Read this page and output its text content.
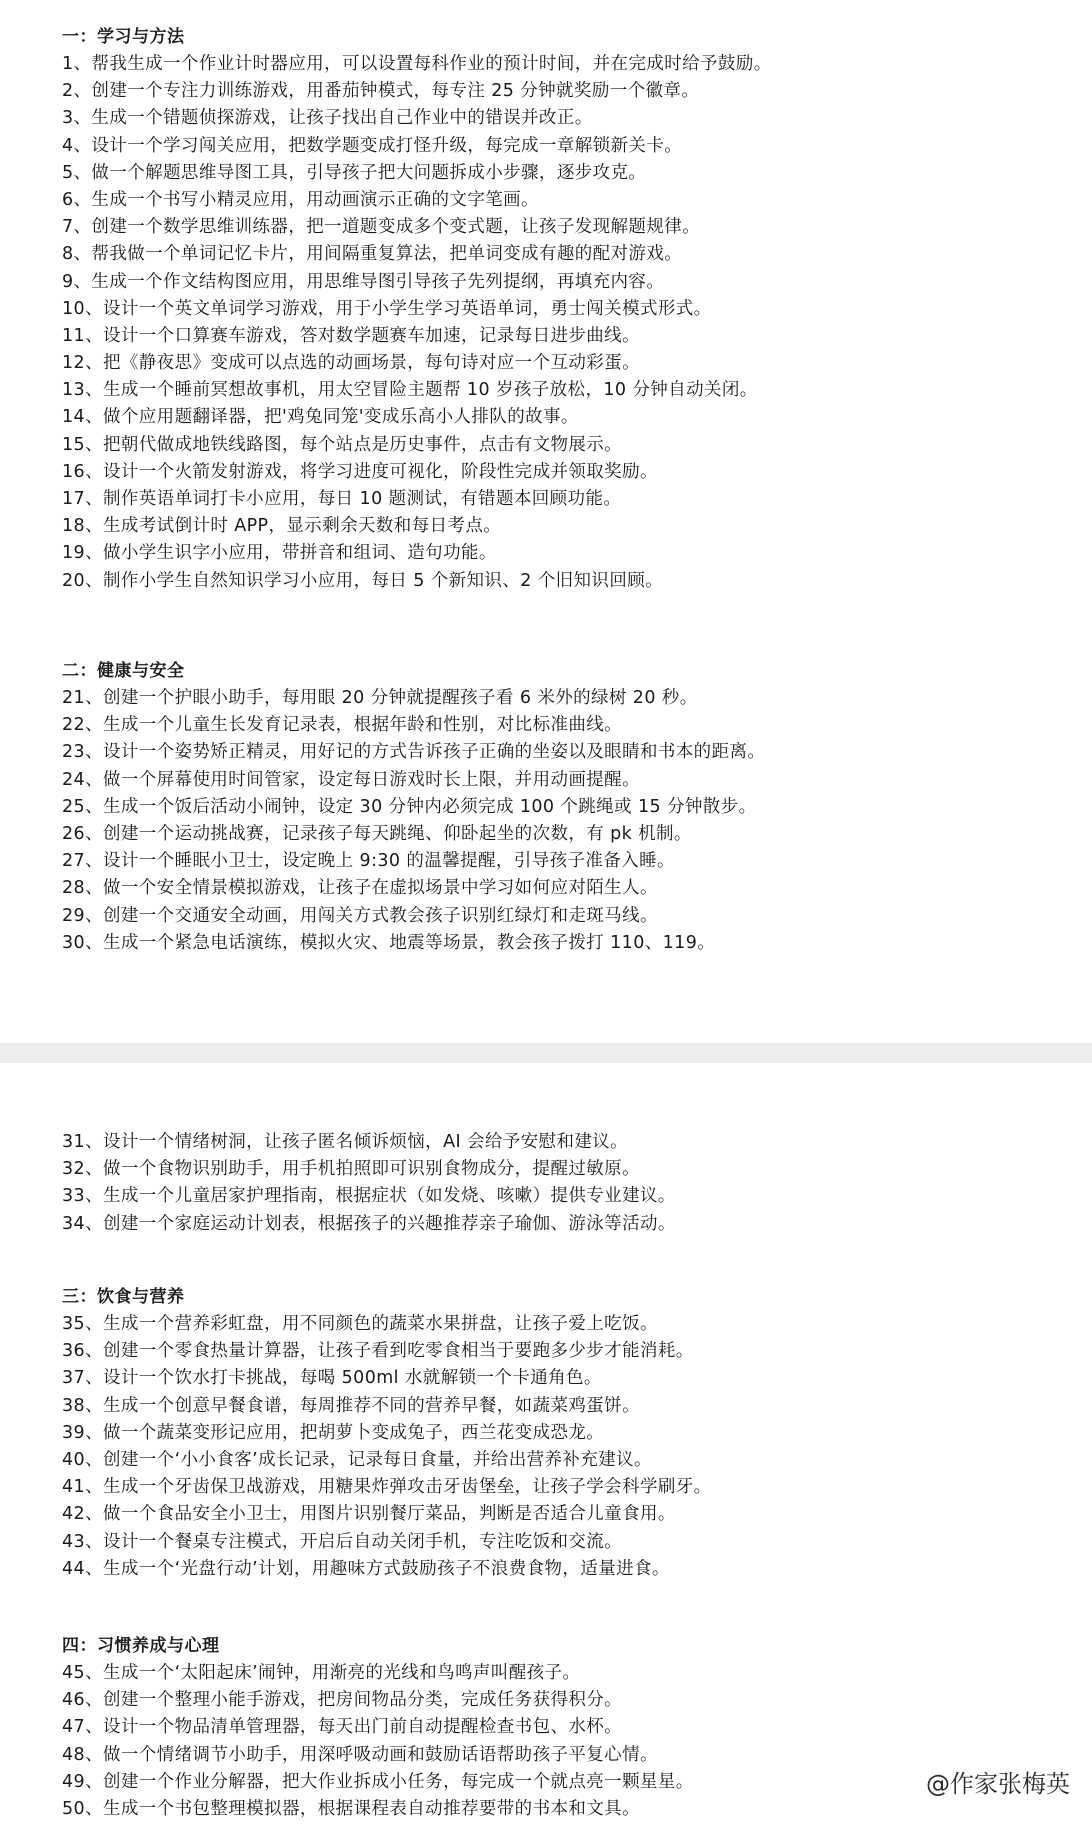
一：学习与方法
1、帮我生成一个作业计时器应用，可以设置每科作业的预计时间，并在完成时给予鼓励。
2、创建一个专注力训练游戏，用番茄钟模式，每专注 25 分钟就奖励一个徽章。
3、生成一个错题侦探游戏，让孩子找出自己作业中的错误并改正。
4、设计一个学习闯关应用，把数学题变成打怪升级，每完成一章解锁新关卡。
5、做一个解题思维导图工具，引导孩子把大问题拆成小步骤，逐步攻克。
6、生成一个书写小精灵应用，用动画演示正确的文字笔画。
7、创建一个数学思维训练器，把一道题变成多个变式题，让孩子发现解题规律。
8、帮我做一个单词记忆卡片，用间隔重复算法，把单词变成有趣的配对游戏。
9、生成一个作文结构图应用，用思维导图引导孩子先列提纲，再填充内容。
10、设计一个英文单词学习游戏，用于小学生学习英语单词，勇士闯关模式形式。
11、设计一个口算赛车游戏，答对数学题赛车加速，记录每日进步曲线。
12、把《静夜思》变成可以点选的动画场景，每句诗对应一个互动彩蛋。
13、生成一个睡前冥想故事机，用太空冒险主题帮 10 岁孩子放松，10 分钟自动关闭。
14、做个应用题翻译器，把'鸡兔同笼'变成乐高小人排队的故事。
15、把朝代做成地铁线路图，每个站点是历史事件，点击有文物展示。
16、设计一个火箭发射游戏，将学习进度可视化，阶段性完成并领取奖励。
17、制作英语单词打卡小应用，每日 10 题测试，有错题本回顾功能。
18、生成考试倒计时 APP，显示剩余天数和每日考点。
19、做小学生识字小应用，带拼音和组词、造句功能。
20、制作小学生自然知识学习小应用，每日 5 个新知识、2 个旧知识回顾。
二：健康与安全
21、创建一个护眼小助手，每用眼 20 分钟就提醒孩子看 6 米外的绿树 20 秒。
22、生成一个儿童生长发育记录表，根据年龄和性别，对比标准曲线。
23、设计一个姿势矫正精灵，用好记的方式告诉孩子正确的坐姿以及眼睛和书本的距离。
24、做一个屏幕使用时间管家，设定每日游戏时长上限，并用动画提醒。
25、生成一个饭后活动小闹钟，设定 30 分钟内必须完成 100 个跳绳或 15 分钟散步。
26、创建一个运动挑战赛，记录孩子每天跳绳、仰卧起坐的次数，有 pk 机制。
27、设计一个睡眠小卫士，设定晚上 9:30 的温馨提醒，引导孩子准备入睡。
28、做一个安全情景模拟游戏，让孩子在虚拟场景中学习如何应对陌生人。
29、创建一个交通安全动画，用闯关方式教会孩子识别红绿灯和走斑马线。
30、生成一个紧急电话演练，模拟火灾、地震等场景，教会孩子拨打 110、119。
31、设计一个情绪树洞，让孩子匿名倾诉烦恼，AI 会给予安慰和建议。
32、做一个食物识别助手，用手机拍照即可识别食物成分，提醒过敏原。
33、生成一个儿童居家护理指南，根据症状（如发烧、咳嗽）提供专业建议。
34、创建一个家庭运动计划表，根据孩子的兴趣推荐亲子瑜伽、游泳等活动。
三：饮食与营养
35、生成一个营养彩虹盘，用不同颜色的蔬菜水果拼盘，让孩子爱上吃饭。
36、创建一个零食热量计算器，让孩子看到吃零食相当于要跑多少步才能消耗。
37、设计一个饮水打卡挑战，每喝 500ml 水就解锁一个卡通角色。
38、生成一个创意早餐食谱，每周推荐不同的营养早餐，如蔬菜鸡蛋饼。
39、做一个蔬菜变形记应用，把胡萝卜变成兔子，西兰花变成恐龙。
40、创建一个‘小小食客’成长记录，记录每日食量，并给出营养补充建议。
41、生成一个牙齿保卫战游戏，用糖果炸弹攻击牙齿堡垒，让孩子学会科学刷牙。
42、做一个食品安全小卫士，用图片识别餐厅菜品，判断是否适合儿童食用。
43、设计一个餐桌专注模式，开启后自动关闭手机，专注吃饭和交流。
44、生成一个‘光盘行动’计划，用趣味方式鼓励孩子不浪费食物，适量进食。
四：习惯养成与心理
45、生成一个‘太阳起床’闹钟，用渐亮的光线和鸟鸣声叫醒孩子。
46、创建一个整理小能手游戏，把房间物品分类，完成任务获得积分。
47、设计一个物品清单管理器，每天出门前自动提醒检查书包、水杯。
48、做一个情绪调节小助手，用深呼吸动画和鼓励话语帮助孩子平复心情。
49、创建一个作业分解器，把大作业拆成小任务，每完成一个就点亮一颗星星。
50、生成一个书包整理模拟器，根据课程表自动推荐要带的书本和文具。
@作家张梅英
